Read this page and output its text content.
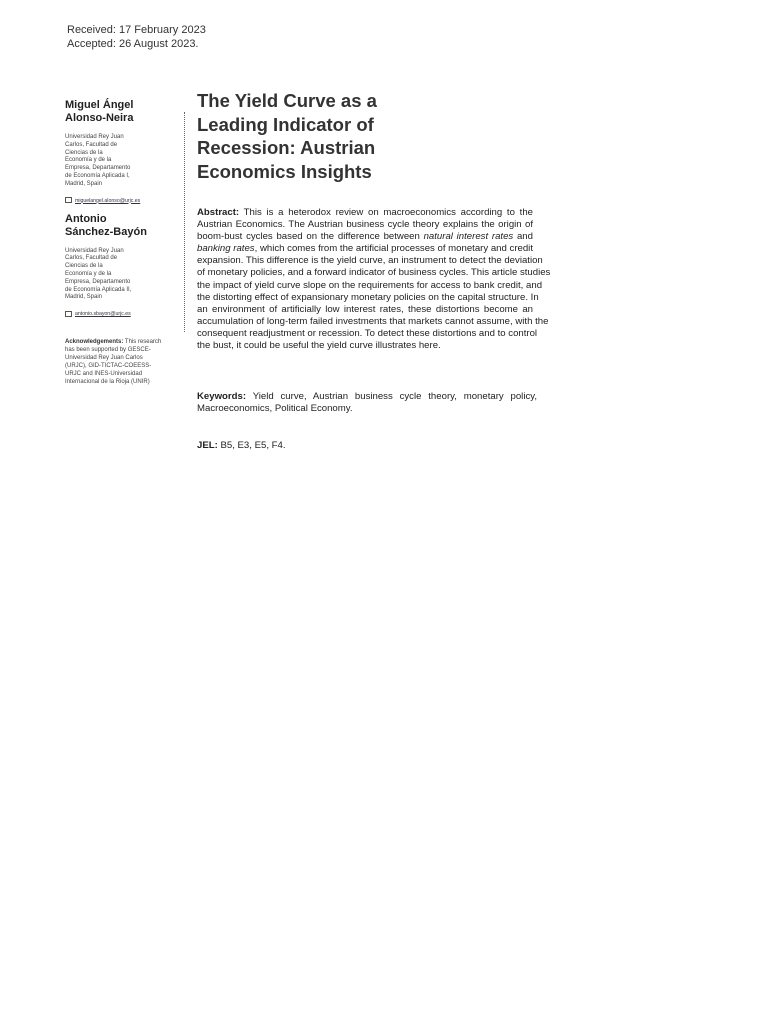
Received: 17 February 2023
Accepted: 26 August 2023.
Miguel Ángel
Alonso-Neira
Universidad Rey Juan
Carlos, Facultad de
Ciencias de la
Economía y de la
Empresa, Departamento
de Economía Aplicada I,
Madrid, Spain
miguelangel.alonso@urjc.es
Antonio
Sánchez-Bayón
Universidad Rey Juan
Carlos, Facultad de
Ciencias de la
Economía y de la
Empresa, Departamento
de Economía Aplicada II,
Madrid, Spain
antonio.sbayon@urjc.es
Acknowledgements: This research
has been supported by GESCE-
Universidad Rey Juan Carlos
(URJC), GID-TICTAC-COEESS-
URJC and INES-Universidad
Internacional de la Rioja (UNIR)
The Yield Curve as a
Leading Indicator of
Recession: Austrian
Economics Insights
Abstract: This is a heterodox review on macroeconomics according to the
Austrian Economics. The Austrian business cycle theory explains the origin of
boom-bust cycles based on the difference between natural interest rates and
banking rates, which comes from the artificial processes of monetary and credit
expansion. This difference is the yield curve, an instrument to detect the deviation
of monetary policies, and a forward indicator of business cycles. This article studies
the impact of yield curve slope on the requirements for access to bank credit, and
the distorting effect of expansionary monetary policies on the capital structure. In
an environment of artificially low interest rates, these distortions become an
accumulation of long-term failed investments that markets cannot assume, with the
consequent readjustment or recession. To detect these distortions and to control
the bust, it could be useful the yield curve illustrates here.
Keywords: Yield curve, Austrian business cycle theory, monetary policy,
Macroeconomics, Political Economy.
JEL: B5, E3, E5, F4.
